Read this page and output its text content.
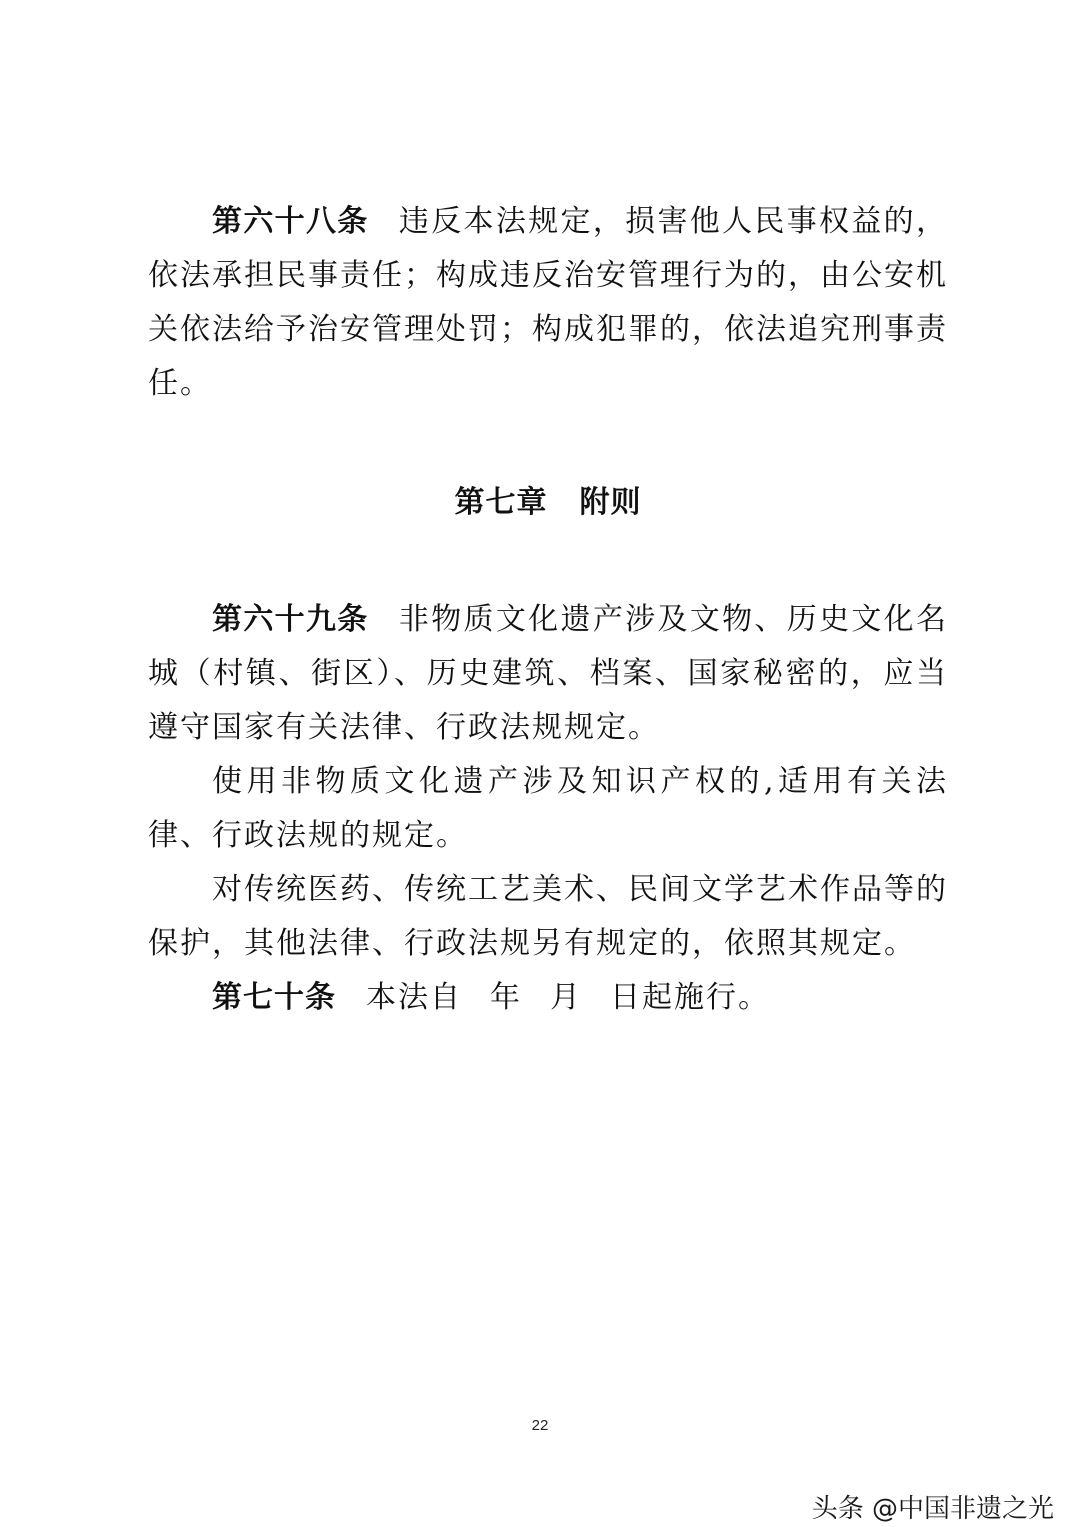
第六十八条 违反本法规定，损害他人民事权益的，依法承担民事责任；构成违反治安管理行为的，由公安机关依法给予治安管理处罚；构成犯罪的，依法追究刑事责任。

第七章 附则

第六十九条 非物质文化遗产涉及文物、历史文化名城（村镇、街区）、历史建筑、档案、国家秘密的，应当遵守国家有关法律、行政法规规定。

使用非物质文化遗产涉及知识产权的,适用有关法律、行政法规的规定。

对传统医药、传统工艺美术、民间文学艺术作品等的保护，其他法律、行政法规另有规定的，依照其规定。

第七十条 本法自 年 月 日起施行。

22
头条 @中国非遗之光
